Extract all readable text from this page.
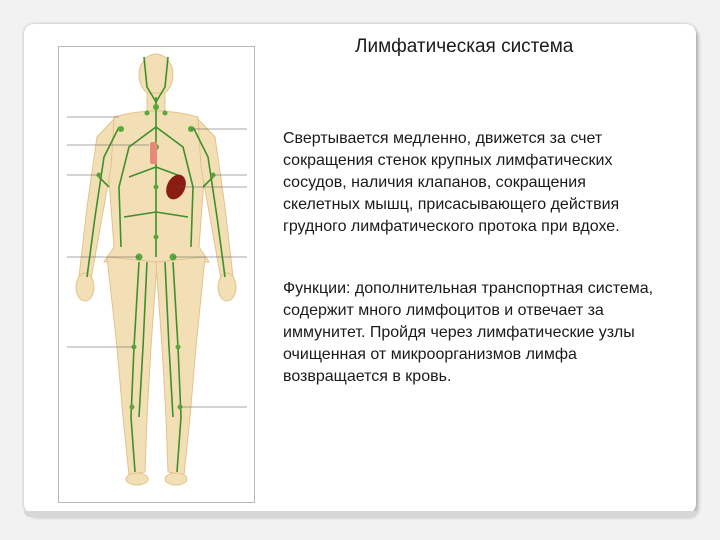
Лимфатическая система
Свертывается медленно, движется за счет сокращения стенок крупных лимфатических сосудов, наличия клапанов, сокращения скелетных мышц, присасывающего действия грудного лимфатического протока при вдохе.
Функции: дополнительная транспортная система, содержит много лимфоцитов и отвечает за иммунитет. Пройдя через лимфатические узлы очищенная от микроорганизмов лимфа возвращается в кровь.
